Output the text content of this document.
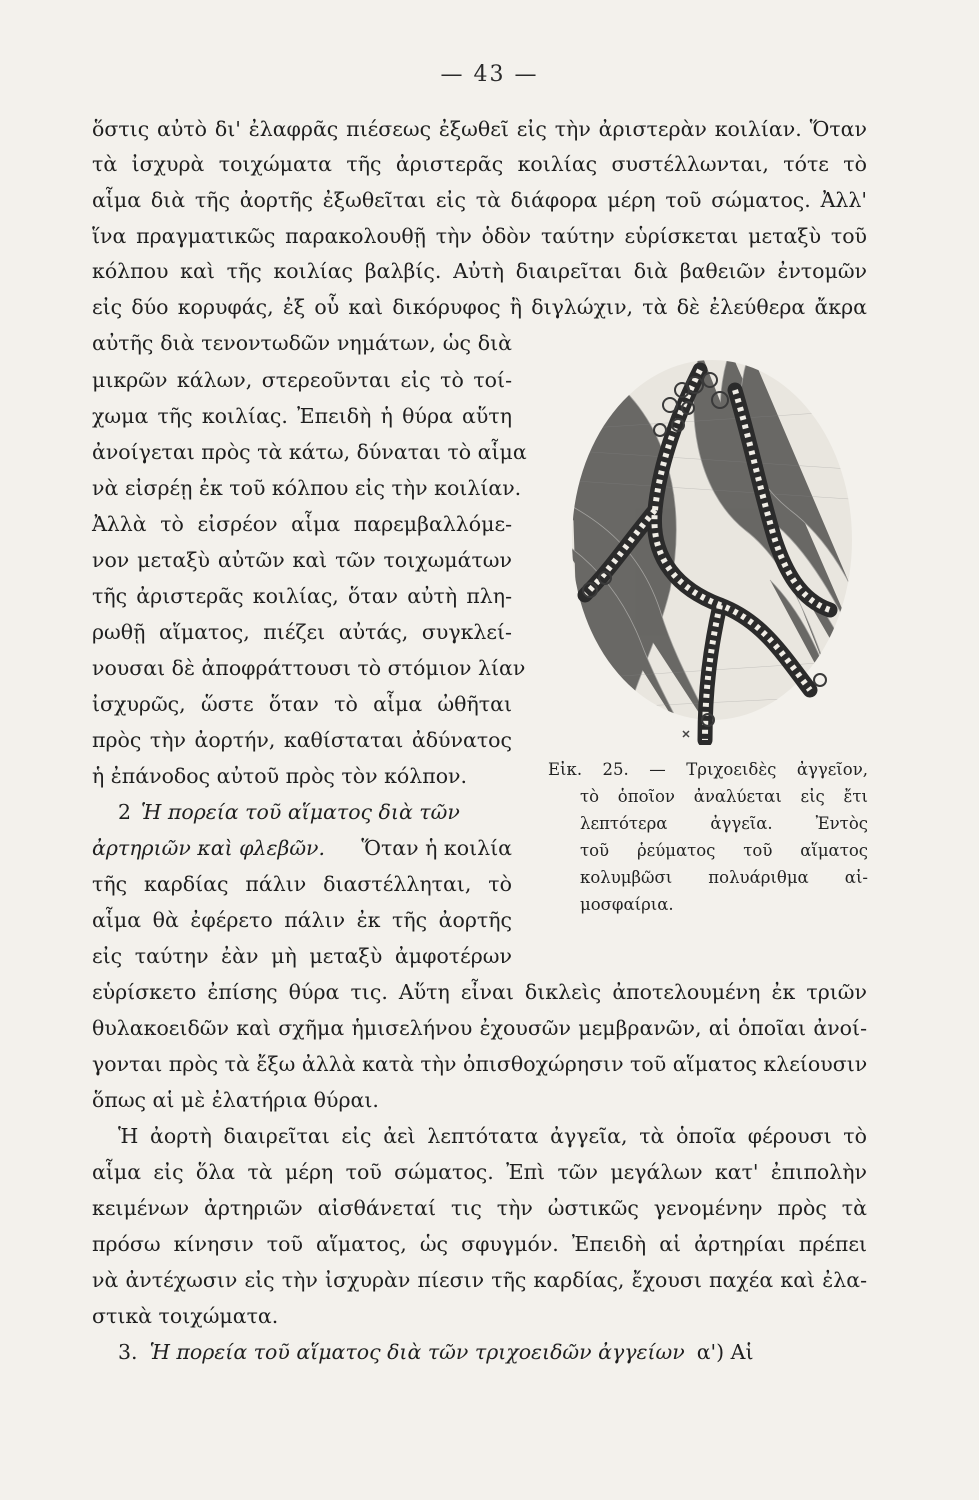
— 43 —
ὅστις αὐτὸ δι' ἐλαφρᾶς πιέσεως ἐξωθεῖ εἰς τὴν ἀριστερὰν κοιλίαν. Ὅταν
τὰ ἰσχυρὰ τοιχώματα τῆς ἀριστερᾶς κοιλίας συστέλλωνται, τότε τὸ
αἷμα διὰ τῆς ἀορτῆς ἐξωθεῖται εἰς τὰ διάφορα μέρη τοῦ σώματος. Ἀλλ'
ἵνα πραγματικῶς παρακολουθῇ τὴν ὁδὸν ταύτην εὑρίσκεται μεταξὺ τοῦ
κόλπου καὶ τῆς κοιλίας βαλβίς. Αὐτὴ διαιρεῖται διὰ βαθειῶν ἐντομῶν
εἰς δύο κορυφάς, ἐξ οὗ καὶ δικόρυφος ἢ διγλώχιν, τὰ δὲ ἐλεύθερα ἄκρα
αὐτῆς διὰ τενοντωδῶν νημάτων, ὡς διὰ
μικρῶν κάλων, στερεοῦνται εἰς τὸ τοί-
χωμα τῆς κοιλίας. Ἐπειδὴ ἡ θύρα αὕτη
ἀνοίγεται πρὸς τὰ κάτω, δύναται τὸ αἷμα
νὰ εἰσρέῃ ἐκ τοῦ κόλπου εἰς τὴν κοιλίαν.
Ἀλλὰ τὸ εἰσρέον αἷμα παρεμβαλλόμε-
νον μεταξὺ αὐτῶν καὶ τῶν τοιχωμάτων
τῆς ἀριστερᾶς κοιλίας, ὅταν αὐτὴ πλη-
ρωθῇ αἵματος, πιέζει αὐτάς, συγκλεί-
νουσαι δὲ ἀποφράττουσι τὸ στόμιον λίαν
ἰσχυρῶς, ὥστε ὅταν τὸ αἷμα ὠθῆται
πρὸς τὴν ἀορτήν, καθίσταται ἀδύνατος
ἡ ἐπάνοδος αὐτοῦ πρὸς τὸν κόλπον.
2 Ἡ πορεία τοῦ αἵματος διὰ τῶν
ἀρτηριῶν καὶ φλεβῶν. Ὅταν ἡ κοιλία
τῆς καρδίας πάλιν διαστέλληται, τὸ
αἷμα θὰ ἐφέρετο πάλιν ἐκ τῆς ἀορτῆς
εἰς ταύτην ἐὰν μὴ μεταξὺ ἀμφοτέρων
εὑρίσκετο ἐπίσης θύρα τις. Αὕτη εἶναι δικλεὶς ἀποτελουμένη ἐκ τριῶν
θυλακοειδῶν καὶ σχῆμα ἡμισελήνου ἐχουσῶν μεμβρανῶν, αἱ ὁποῖαι ἀνοί-
γονται πρὸς τὰ ἔξω ἀλλὰ κατὰ τὴν ὀπισθοχώρησιν τοῦ αἵματος κλείουσιν
ὅπως αἱ μὲ ἐλατήρια θύραι.
Ἡ ἀορτὴ διαιρεῖται εἰς ἀεὶ λεπτότατα ἀγγεῖα, τὰ ὁποῖα φέρουσι τὸ
αἷμα εἰς ὅλα τὰ μέρη τοῦ σώματος. Ἐπὶ τῶν μεγάλων κατ' ἐπιπολὴν
κειμένων ἀρτηριῶν αἰσθάνεταί τις τὴν ὠστικῶς γενομένην πρὸς τὰ
πρόσω κίνησιν τοῦ αἵματος, ὡς σφυγμόν. Ἐπειδὴ αἱ ἀρτηρίαι πρέπει
νὰ ἀντέχωσιν εἰς τὴν ἰσχυρὰν πίεσιν τῆς καρδίας, ἔχουσι παχέα καὶ ἐλα-
στικὰ τοιχώματα.
3. Ἡ πορεία τοῦ αἵματος διὰ τῶν τριχοειδῶν ἀγγείων α') Αἱ
Εἰκ. 25. — Τριχοειδὲς ἀγγεῖον,
τὸ ὁποῖον ἀναλύεται εἰς ἔτι
λεπτότερα ἀγγεῖα. Ἐντὸς
τοῦ ῥεύματος τοῦ αἵματος
κολυμβῶσι πολυάριθμα αἱ-
μοσφαίρια.
